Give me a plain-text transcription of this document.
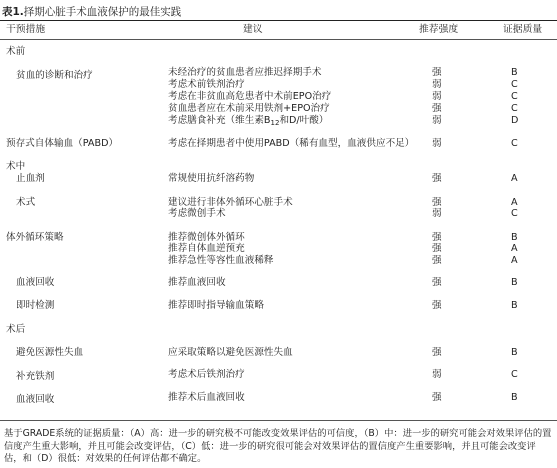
表1.择期心脏手术血液保护的最佳实践
干预措施	建议	推荐强度	证据质量
术前
贫血的诊断和治疗	未经治疗的贫血患者应推迟择期手术	强	B
考虑术前铁剂治疗	弱	C
考虑在非贫血高危患者中术前EPO治疗	弱	C
贫血患者应在术前采用铁剂+EPO治疗	强	C
考虑膳食补充（维生素$B_{12}$和D/叶酸）	弱	D
预存式自体输血（PABD）	考虑在择期患者中使用PABD（稀有血型，血液供应不足） 弱	C
术中
止血剂	常规使用抗纤溶药物	强	A
术式	建议进行非体外循环心脏手术	强	A
考虑微创手术	弱	C
体外循环策略	推荐微创体外循环	强	B
推荐自体血逆预充	强	A
推荐急性等容性血液稀释	强	A
血液回收	推荐血液回收	强	B
即时检测	推荐即时指导输血策略	强	B
术后
避免医源性失血	应采取策略以避免医源性失血	强	B
补充铁剂	考虑术后铁剂治疗	弱	C
血液回收	推荐术后血液回收	强	B
基于GRADE系统的证据质量：（A）高：进一步的研究极不可能改变效果评估的可信度，（B）中：进一步的研究可能会对效果评估的置信度产生重大影响，并且可能会改变评估，（C）低：进一步的研究很可能会对效果评估的置信度产生重要影响，并且可能会改变评估，和（D）很低：对效果的任何评估都不确定。
